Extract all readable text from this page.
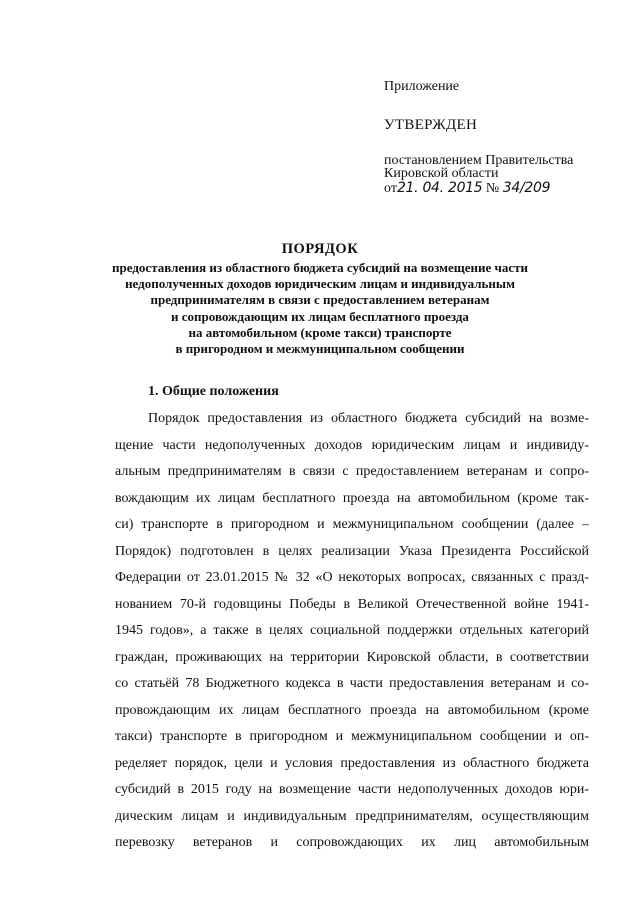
Приложение
УТВЕРЖДЕН
постановлением Правительства
Кировской области
от21. 04. 2015 № 34/209
ПОРЯДОК
предоставления из областного бюджета субсидий на возмещение части
недополученных доходов юридическим лицам и индивидуальным
предпринимателям в связи с предоставлением ветеранам
и сопровождающим их лицам бесплатного проезда
на автомобильном (кроме такси) транспорте
в пригородном и межмуниципальном сообщении
1. Общие положения
Порядок предоставления из областного бюджета субсидий на возме-
щение части недополученных доходов юридическим лицам и индивиду-
альным предпринимателям в связи с предоставлением ветеранам и сопро-
вождающим их лицам бесплатного проезда на автомобильном (кроме так-
си) транспорте в пригородном и межмуниципальном сообщении (далее –
Порядок) подготовлен в целях реализации Указа Президента Российской
Федерации от 23.01.2015 № 32 «О некоторых вопросах, связанных с празд-
нованием 70-й годовщины Победы в Великой Отечественной войне 1941-
1945 годов», а также в целях социальной поддержки отдельных категорий
граждан, проживающих на территории Кировской области, в соответствии
со статьёй 78 Бюджетного кодекса в части предоставления ветеранам и со-
провождающим их лицам бесплатного проезда на автомобильном (кроме
такси) транспорте в пригородном и межмуниципальном сообщении и оп-
ределяет порядок, цели и условия предоставления из областного бюджета
субсидий в 2015 году на возмещение части недополученных доходов юри-
дическим лицам и индивидуальным предпринимателям, осуществляющим
перевозку ветеранов и сопровождающих их лиц автомобильным
